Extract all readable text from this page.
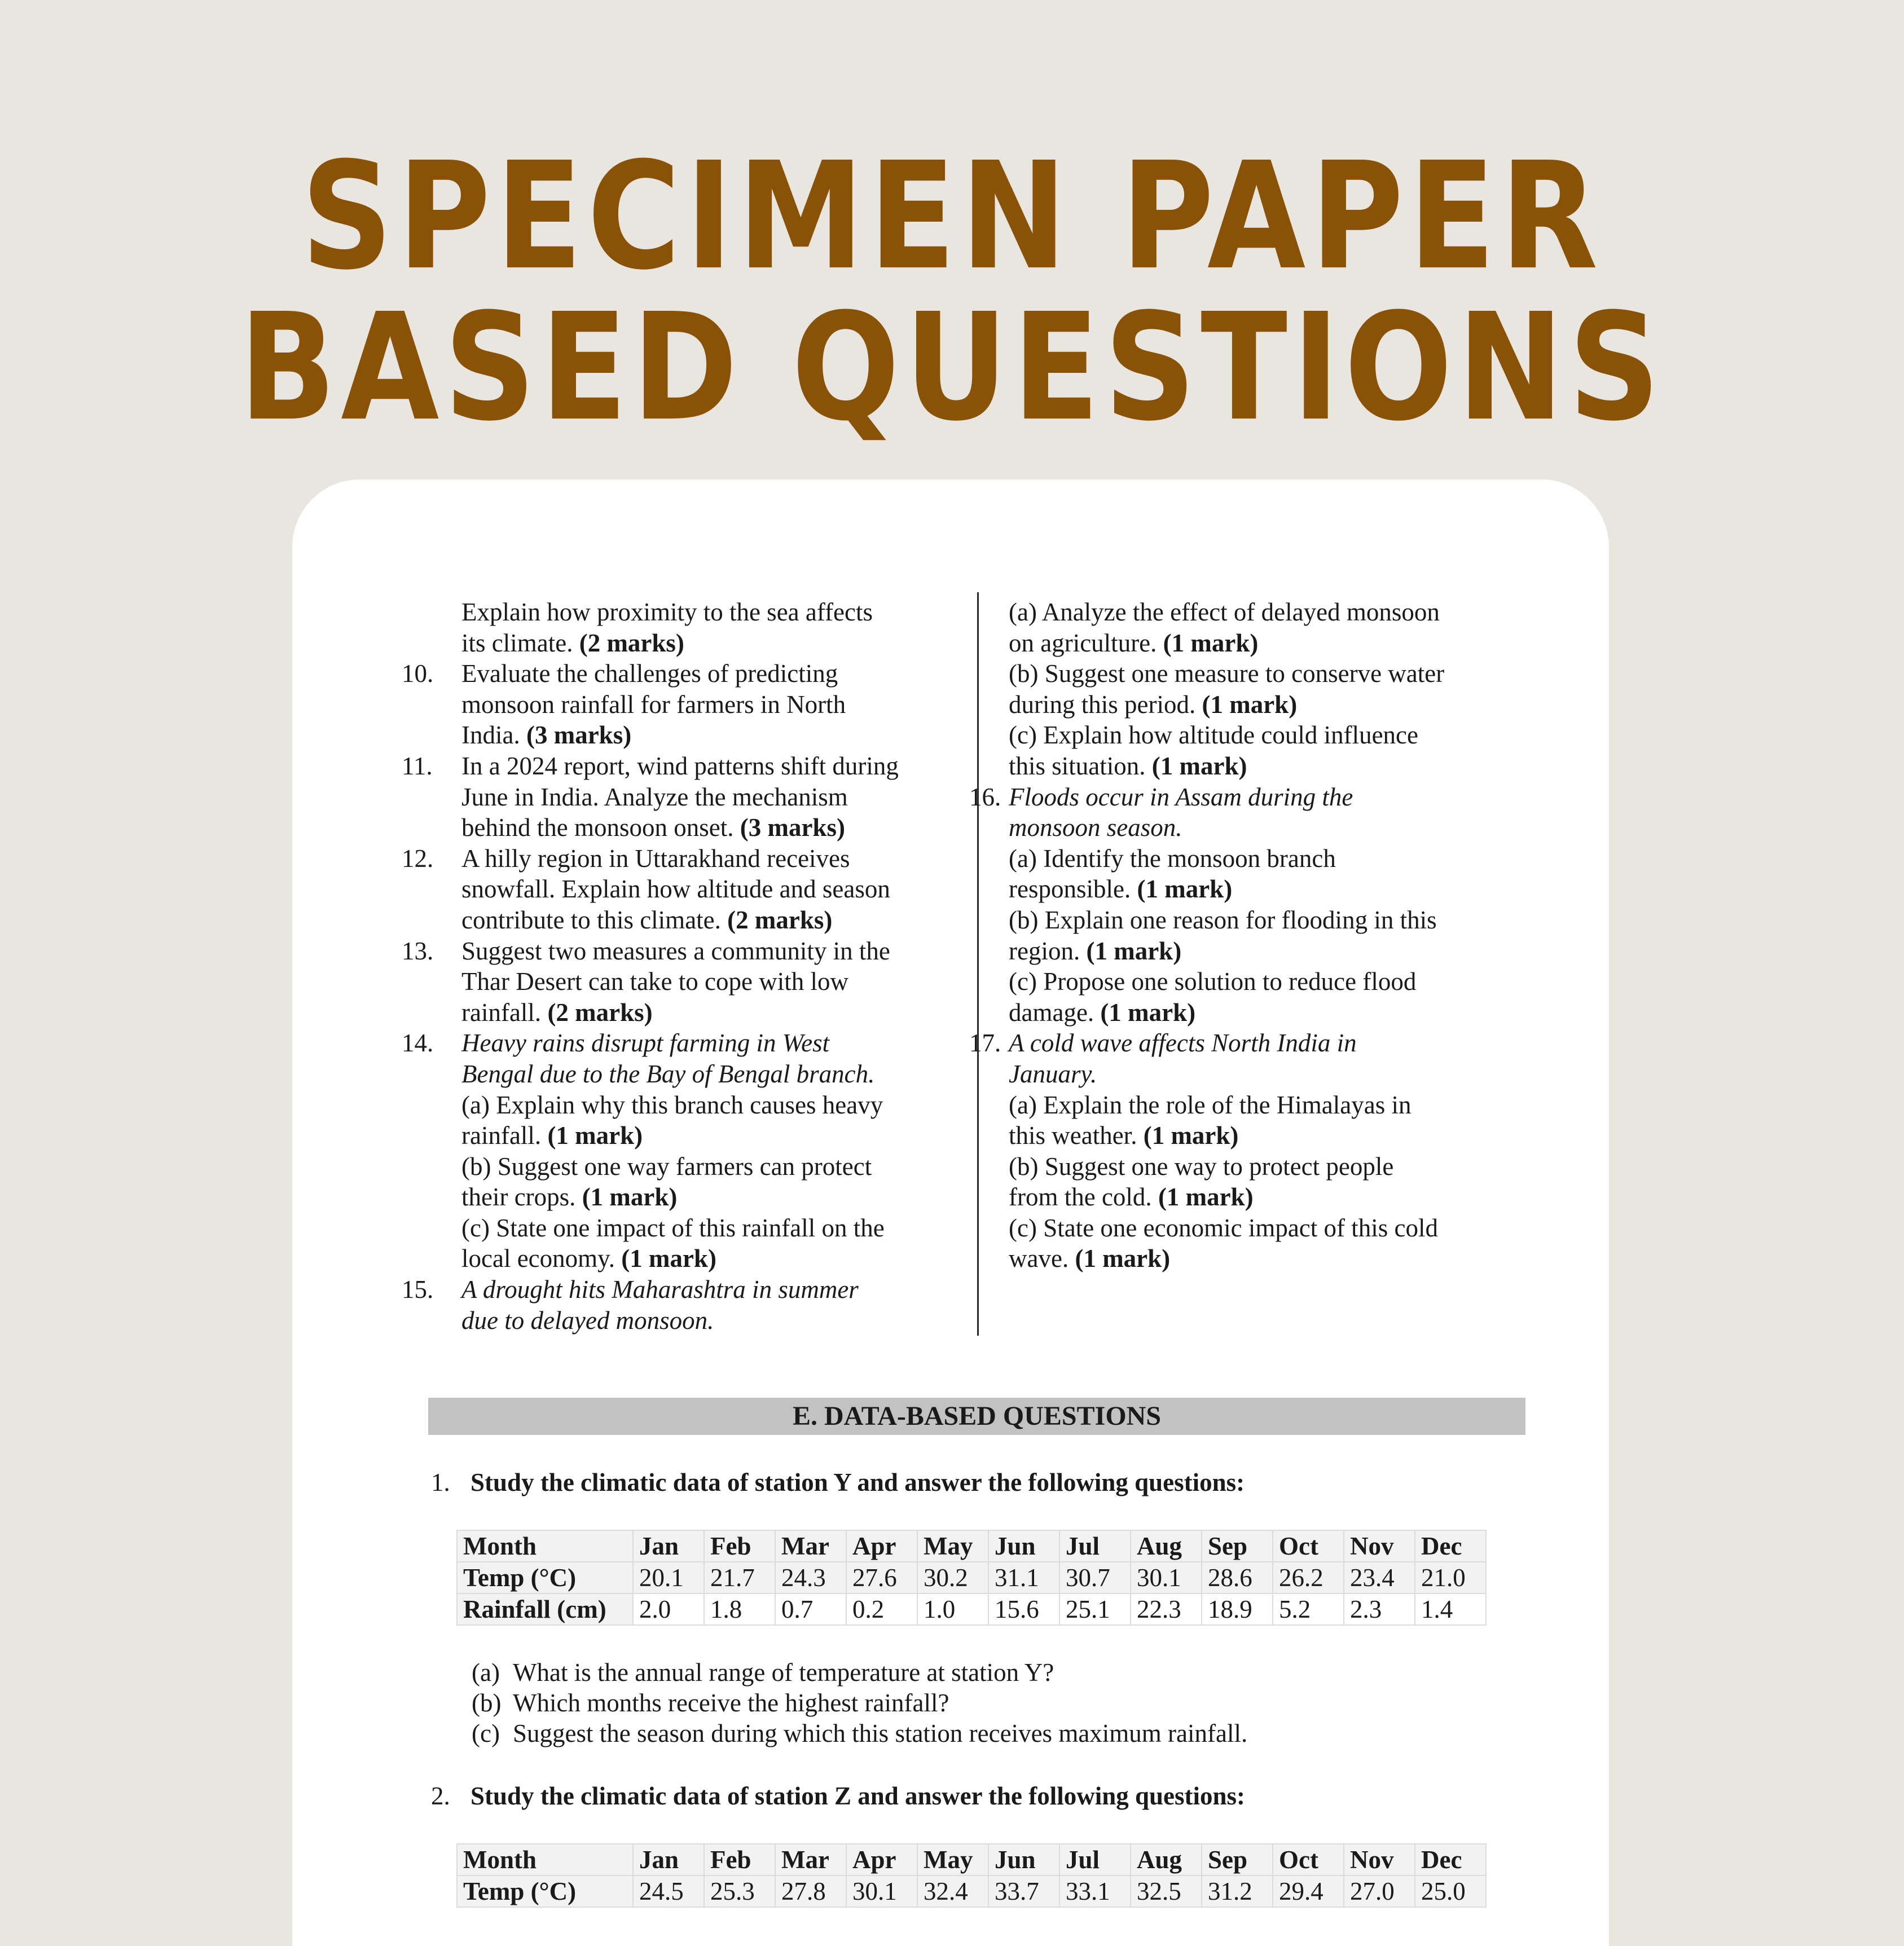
SPECIMEN PAPER
BASED QUESTIONS
Explain how proximity to the sea affects
its climate. (2 marks)
10. Evaluate the challenges of predicting
monsoon rainfall for farmers in North
India. (3 marks)
11. In a 2024 report, wind patterns shift during
June in India. Analyze the mechanism
behind the monsoon onset. (3 marks)
12. A hilly region in Uttarakhand receives
snowfall. Explain how altitude and season
contribute to this climate. (2 marks)
13. Suggest two measures a community in the
Thar Desert can take to cope with low
rainfall. (2 marks)
14. Heavy rains disrupt farming in West
Bengal due to the Bay of Bengal branch.
(a) Explain why this branch causes heavy
rainfall. (1 mark)
(b) Suggest one way farmers can protect
their crops. (1 mark)
(c) State one impact of this rainfall on the
local economy. (1 mark)
15. A drought hits Maharashtra in summer
due to delayed monsoon.
(a) Analyze the effect of delayed monsoon
on agriculture. (1 mark)
(b) Suggest one measure to conserve water
during this period. (1 mark)
(c) Explain how altitude could influence
this situation. (1 mark)
16. Floods occur in Assam during the
monsoon season.
(a) Identify the monsoon branch
responsible. (1 mark)
(b) Explain one reason for flooding in this
region. (1 mark)
(c) Propose one solution to reduce flood
damage. (1 mark)
17. A cold wave affects North India in
January.
(a) Explain the role of the Himalayas in
this weather. (1 mark)
(b) Suggest one way to protect people
from the cold. (1 mark)
(c) State one economic impact of this cold
wave. (1 mark)
E. DATA-BASED QUESTIONS
1. Study the climatic data of station Y and answer the following questions:
Month	Jan	Feb	Mar	Apr	May	Jun	Jul	Aug	Sep	Oct	Nov	Dec
Temp (°C)	20.1	21.7	24.3	27.6	30.2	31.1	30.7	30.1	28.6	26.2	23.4	21.0
Rainfall (cm)	2.0	1.8	0.7	0.2	1.0	15.6	25.1	22.3	18.9	5.2	2.3	1.4
(a) What is the annual range of temperature at station Y?
(b) Which months receive the highest rainfall?
(c) Suggest the season during which this station receives maximum rainfall.
2. Study the climatic data of station Z and answer the following questions:
Month	Jan	Feb	Mar	Apr	May	Jun	Jul	Aug	Sep	Oct	Nov	Dec
Temp (°C)	24.5	25.3	27.8	30.1	32.4	33.7	33.1	32.5	31.2	29.4	27.0	25.0
